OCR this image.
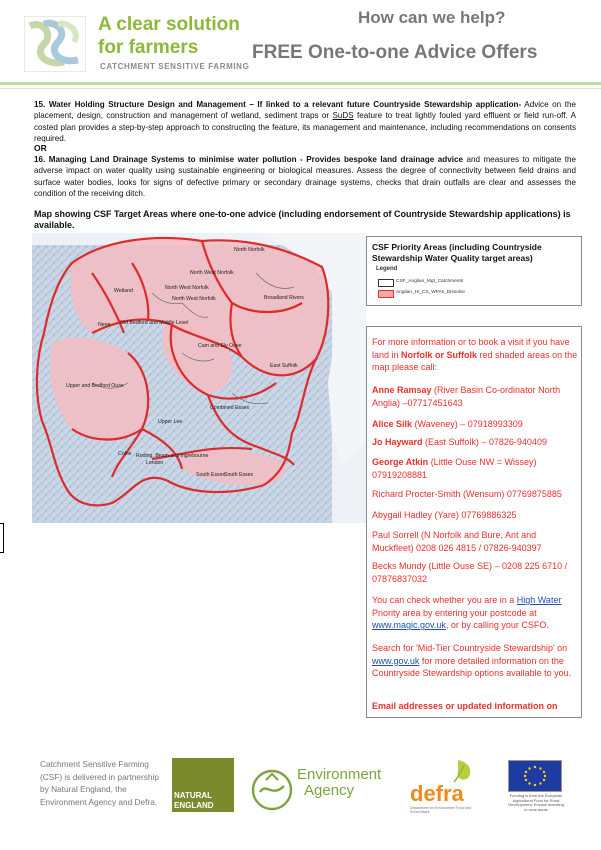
A clear solution
for farmers
CATCHMENT SENSITIVE FARMING
How can we help?
FREE One-to-one Advice Offers
15. Water Holding Structure Design and Management – If linked to a relevant future Countryside Stewardship application- Advice on the placement, design, construction and management of wetland, sediment traps or SuDS feature to treat lightly fouled yard effluent or field run-off. A costed plan provides a step-by-step approach to constructing the feature, its management and maintenance, including recommendations on consents required.
OR
16. Managing Land Drainage Systems to minimise water pollution - Provides bespoke land drainage advice and measures to mitigate the adverse impact on water quality using sustainable engineering or biological measures. Assess the degree of connectivity between field drains and surface water bodies, looks for signs of defective primary or secondary drainage systems, checks that drain outfalls are clear and assesses the condition of the receiving ditch.
Map showing CSF Target Areas where one-to-one advice (including endorsement of Countryside Stewardship applications) is available.
North Norfolk
North West Norfolk
Wetland	North West Norfolk
North West Norfolk	Broadland Rivers
Nene Old Bedford and Middle Level
Cam and Ely Ouse
East Suffolk
Upper and Bedford Ouse
Combined Essex
Upper Lee
Colne Roding, Beam and Ingrebourne
London
South Essex
South Essex
CSF Priority Areas (including Countryside Stewardship Water Quality target areas)
Legend
CSF_Anglian_Mgt_Catchments
Anglian_Hi_CS_WPAs_Dissolve
For more information or to book a visit if you have land in Norfolk or Suffolk red shaded areas on the map please call:
Anne Ramsay (River Basin Co-ordinator North Anglia) –07717451643
Alice Silk (Waveney) – 07918993309
Jo Hayward (East Suffolk) – 07826-940409
George Atkin (Little Ouse NW = Wissey) 07919208881
Richard Procter-Smith (Wensum) 07769875885
Abygail Hadley (Yare) 07769886325
Paul Sorrell (N Norfolk and Bure, Ant and Muckfleet) 0208 026 4815 / 07826-940397
Becks Mundy (Little Ouse SE) – 0208 225 6710 / 07876837032
You can check whether you are in a High Water Priority area by entering your postcode at www.magic.gov.uk, or by calling your CSFO.
Search for 'Mid-Tier Countryside Stewardship' on www.gov.uk for more detailed information on the Countryside Stewardship options available to you.
Email addresses or updated information on
Catchment Sensitive Farming (CSF) is delivered in partnership by Natural England, the Environment Agency and Defra.
NATURAL
ENGLAND
Environment
Agency	defra
Department for Environment Food and Rural Affairs
Funding is from the European Agricultural Fund for Rural Development: Europe investing in rural areas
